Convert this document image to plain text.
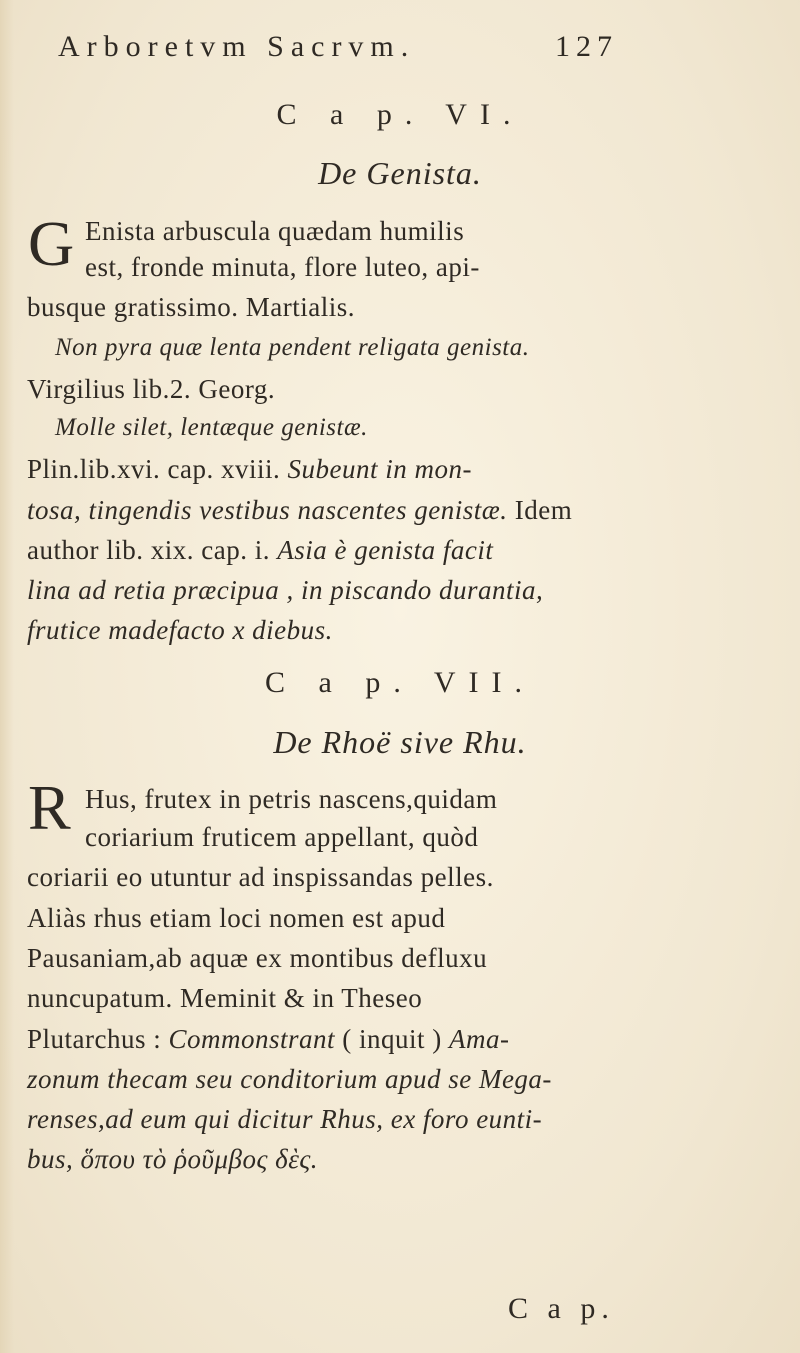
Arboretvm Sacrvm.	127
C a p. VI.
De Genista.
G Enista arbuscula quædam humilis
est, fronde minuta, flore luteo, api-
busque gratissimo. Martialis.
Non pyra quæ lenta pendent religata genista.
Virgilius lib.2. Georg.
Molle silet, lentæque genistæ.
Plin.lib.xvi. cap. xviii. Subeunt in mon-
tosa, tingendis vestibus nascentes genistæ. Idem
author lib. xix. cap. i. Asia è genista facit
lina ad retia præcipua , in piscando durantia,
frutice madefacto x diebus.
C a p. VII.
De Rhoë sive Rhu.
R Hus, frutex in petris nascens,quidam
coriarium fruticem appellant, quòd
coriarii eo utuntur ad inspissandas pelles.
Aliàs rhus etiam loci nomen est apud
Pausaniam,ab aquæ ex montibus defluxu
nuncupatum. Meminit & in Theseo
Plutarchus : Commonstrant ( inquit ) Ama-
zonum thecam seu conditorium apud se Mega-
renses,ad eum qui dicitur Rhus, ex foro eunti-
bus, ὅπου τὸ ῥοῦμβος δὲς.
C a p.
